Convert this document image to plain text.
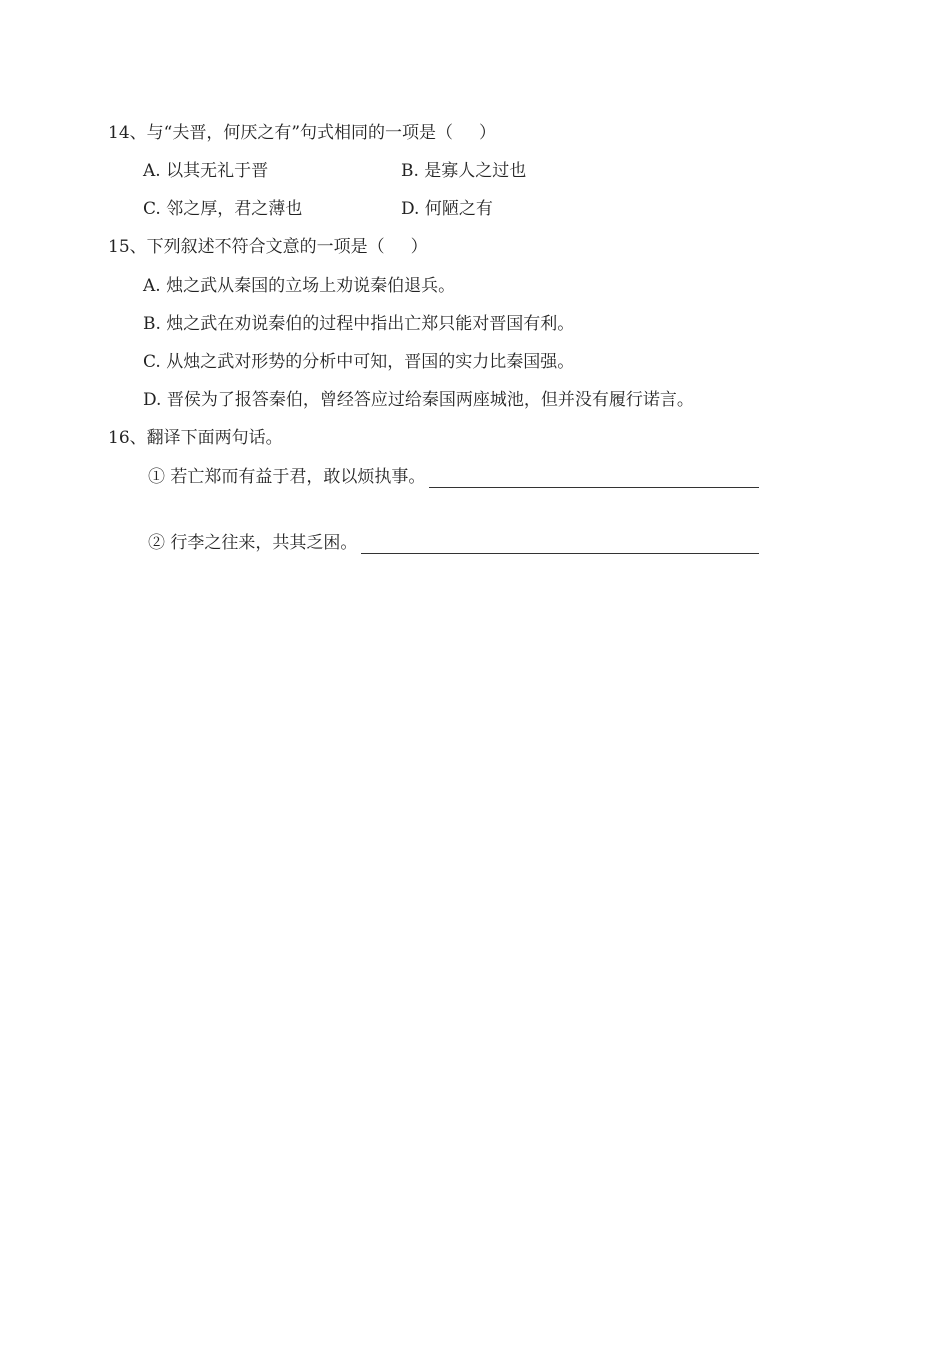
14、与“夫晋，何厌之有”句式相同的一项是（ ）
A. 以其无礼于晋	B. 是寡人之过也
C. 邻之厚，君之薄也	D. 何陋之有
15、下列叙述不符合文意的一项是（ ）
A. 烛之武从秦国的立场上劝说秦伯退兵。
B. 烛之武在劝说秦伯的过程中指出亡郑只能对晋国有利。
C. 从烛之武对形势的分析中可知，晋国的实力比秦国强。
D. 晋侯为了报答秦伯，曾经答应过给秦国两座城池，但并没有履行诺言。
16、翻译下面两句话。
① 若亡郑而有益于君，敢以烦执事。
② 行李之往来，共其乏困。
